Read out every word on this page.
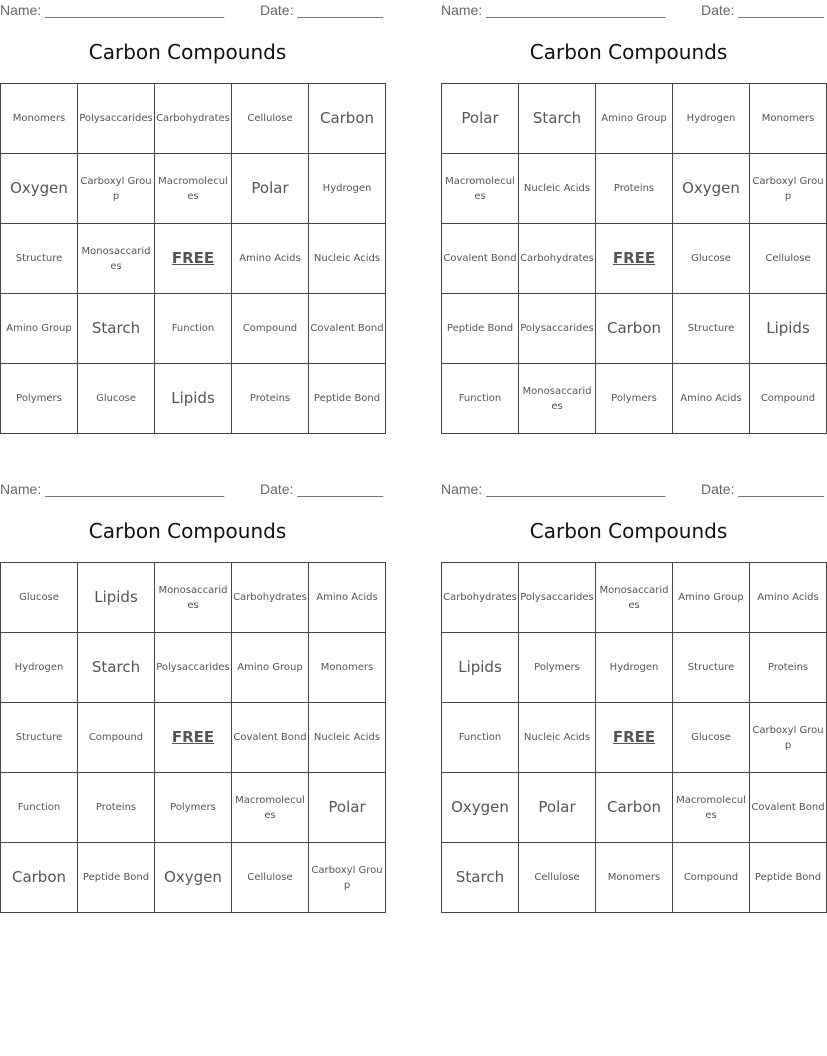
Name: _______________________	Date: ___________
Carbon Compounds
Monomers	Polysaccarides	Carbohydrates	Cellulose	Carbon
Oxygen	Carboxyl Group	Macromolecules	Polar	Hydrogen
Structure	Monosaccarides	FREE	Amino Acids	Nucleic Acids
Amino Group	Starch	Function	Compound	Covalent Bond
Polymers	Glucose	Lipids	Proteins	Peptide Bond
Name: _______________________	Date: ___________
Carbon Compounds
Polar	Starch	Amino Group	Hydrogen	Monomers
Macromolecules	Nucleic Acids	Proteins	Oxygen	Carboxyl Group
Covalent Bond	Carbohydrates	FREE	Glucose	Cellulose
Peptide Bond	Polysaccarides	Carbon	Structure	Lipids
Function	Monosaccarides	Polymers	Amino Acids	Compound
Name: _______________________	Date: ___________
Carbon Compounds
Glucose	Lipids	Monosaccarides	Carbohydrates	Amino Acids
Hydrogen	Starch	Polysaccarides	Amino Group	Monomers
Structure	Compound	FREE	Covalent Bond	Nucleic Acids
Function	Proteins	Polymers	Macromolecules	Polar
Carbon	Peptide Bond	Oxygen	Cellulose	Carboxyl Group
Name: _______________________	Date: ___________
Carbon Compounds
Carbohydrates	Polysaccarides	Monosaccarides	Amino Group	Amino Acids
Lipids	Polymers	Hydrogen	Structure	Proteins
Function	Nucleic Acids	FREE	Glucose	Carboxyl Group
Oxygen	Polar	Carbon	Macromolecules	Covalent Bond
Starch	Cellulose	Monomers	Compound	Peptide Bond
